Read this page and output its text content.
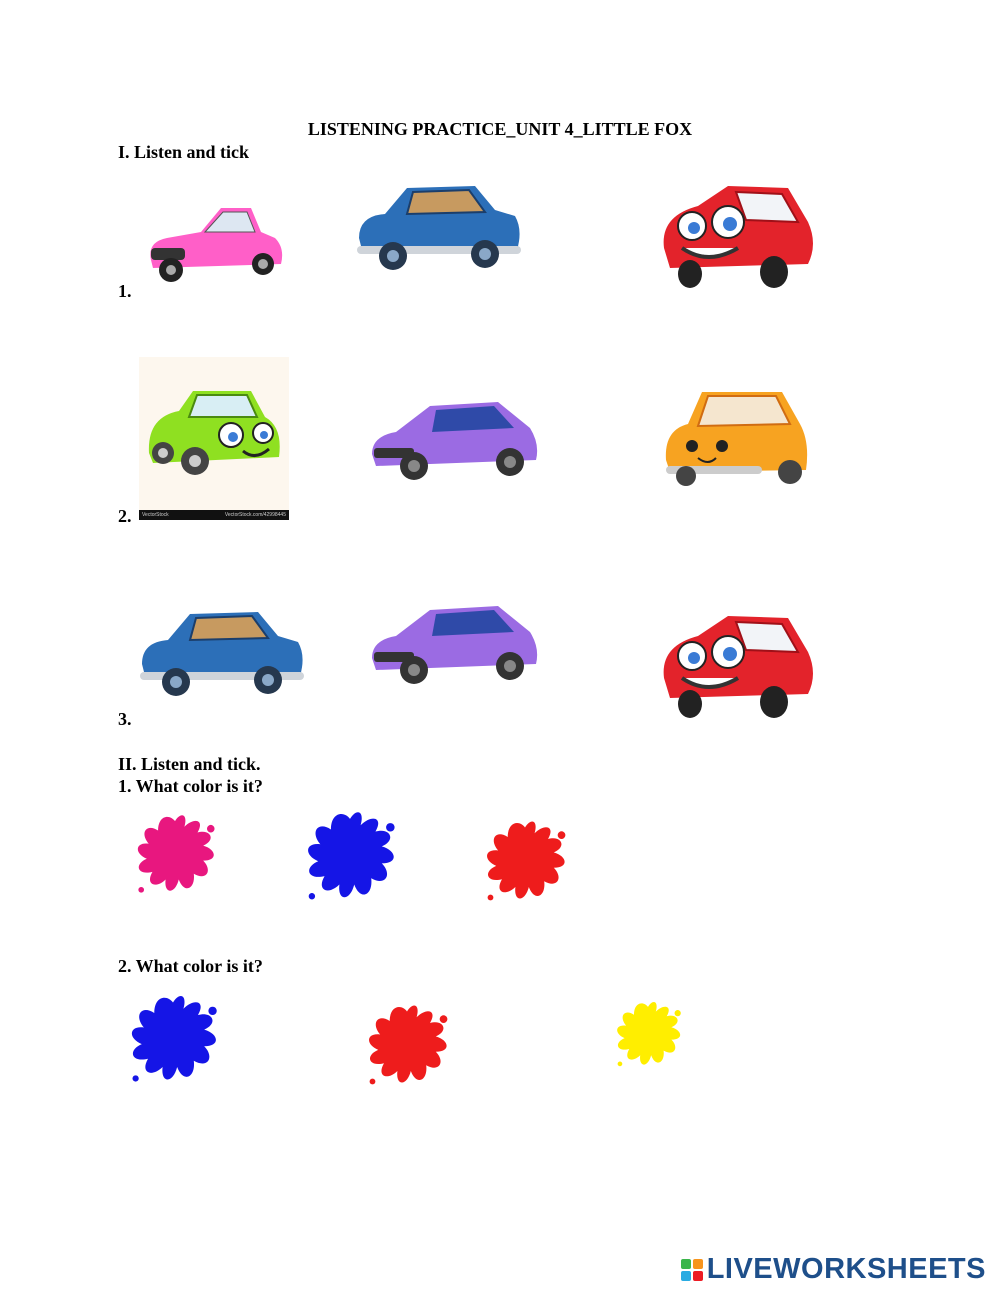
LISTENING PRACTICE_UNIT 4_LITTLE FOX
I. Listen and tick
1.
2. VectorStock	VectorStock.com/42998445
3.
II. Listen and tick.
1. What color is it?
2. What color is it?
LIVEWORKSHEETS
